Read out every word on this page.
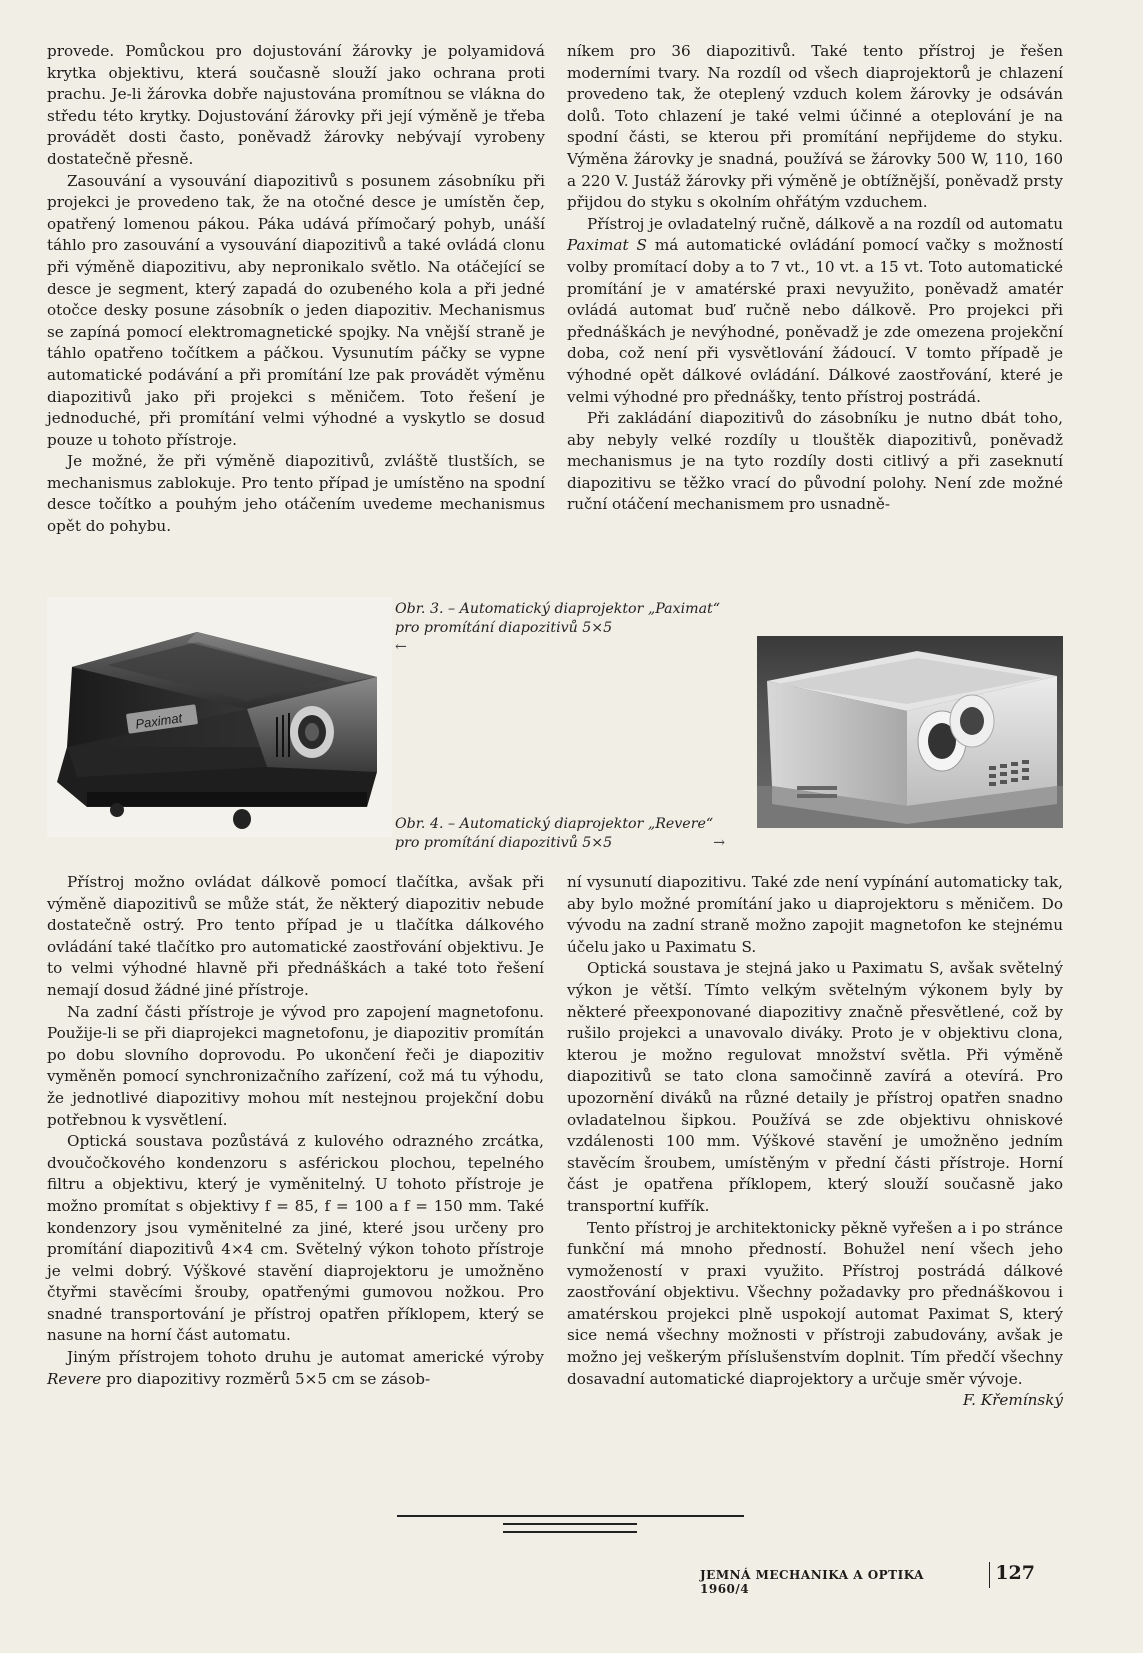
provede. Pomůckou pro dojustování žárovky je polyamidová krytka objektivu, která současně slouží jako ochrana proti prachu. Je-li žárovka dobře najustována promítnou se vlákna do středu této krytky. Dojustování žárovky při její výměně je třeba provádět dosti často, poněvadž žárovky nebývají vyrobeny dostatečně přesně.

Zasouvání a vysouvání diapozitivů s posunem zásobníku při projekci je provedeno tak, že na otočné desce je umístěn čep, opatřený lomenou pákou. Páka udává přímočarý pohyb, unáší táhlo pro zasouvání a vysouvání diapozitivů a také ovládá clonu při výměně diapozitivu, aby nepronikalo světlo. Na otáčející se desce je segment, který zapadá do ozubeného kola a při jedné otočce desky posune zásobník o jeden diapozitiv. Mechanismus se zapíná pomocí elektromagnetické spojky. Na vnější straně je táhlo opatřeno točítkem a páčkou. Vysunutím páčky se vypne automatické podávání a při promítání lze pak provádět výměnu diapozitivů jako při projekci s měničem. Toto řešení je jednoduché, při promítání velmi výhodné a vyskytlo se dosud pouze u tohoto přístroje.

Je možné, že při výměně diapozitivů, zvláště tlustších, se mechanismus zablokuje. Pro tento případ je umístěno na spodní desce točítko a pouhým jeho otáčením uvedeme mechanismus opět do pohybu.

níkem pro 36 diapozitivů. Také tento přístroj je řešen moderními tvary. Na rozdíl od všech diaprojektorů je chlazení provedeno tak, že oteplený vzduch kolem žárovky je odsáván dolů. Toto chlazení je také velmi účinné a oteplování je na spodní části, se kterou při promítání nepřijdeme do styku. Výměna žárovky je snadná, používá se žárovky 500 W, 110, 160 a 220 V. Justáž žárovky při výměně je obtížnější, poněvadž prsty přijdou do styku s okolním ohřátým vzduchem.

Přístroj je ovladatelný ručně, dálkově a na rozdíl od automatu Paximat S má automatické ovládání pomocí vačky s možností volby promítací doby a to 7 vt., 10 vt. a 15 vt. Toto automatické promítání je v amatérské praxi nevyužito, poněvadž amatér ovládá automat buď ručně nebo dálkově. Pro projekci při přednáškách je nevýhodné, poněvadž je zde omezena projekční doba, což není při vysvětlování žádoucí. V tomto případě je výhodné opět dálkové ovládání. Dálkové zaostřování, které je velmi výhodné pro přednášky, tento přístroj postrádá.

Při zakládání diapozitivů do zásobníku je nutno dbát toho, aby nebyly velké rozdíly u tlouštěk diapozitivů, poněvadž mechanismus je na tyto rozdíly dosti citlivý a při zaseknutí diapozitivu se těžko vrací do původní polohy. Není zde možné ruční otáčení mechanismem pro usnadně-

Paximat
Obr. 3. – Automatický diaprojektor „Paximat“ pro promítání diapozitivů 5×5
←
Obr. 4. – Automatický diaprojektor „Revere“ pro promítání diapozitivů 5×5	→

Přístroj možno ovládat dálkově pomocí tlačítka, avšak při výměně diapozitivů se může stát, že některý diapozitiv nebude dostatečně ostrý. Pro tento případ je u tlačítka dálkového ovládání také tlačítko pro automatické zaostřování objektivu. Je to velmi výhodné hlavně při přednáškách a také toto řešení nemají dosud žádné jiné přístroje.

Na zadní části přístroje je vývod pro zapojení magnetofonu. Použije-li se při diaprojekci magnetofonu, je diapozitiv promítán po dobu slovního doprovodu. Po ukončení řeči je diapozitiv vyměněn pomocí synchronizačního zařízení, což má tu výhodu, že jednotlivé diapozitivy mohou mít nestejnou projekční dobu potřebnou k vysvětlení.

Optická soustava pozůstává z kulového odrazného zrcátka, dvoučočkového kondenzoru s asférickou plochou, tepelného filtru a objektivu, který je vyměnitelný. U tohoto přístroje je možno promítat s objektivy f = 85, f = 100 a f = 150 mm. Také kondenzory jsou vyměnitelné za jiné, které jsou určeny pro promítání diapozitivů 4×4 cm. Světelný výkon tohoto přístroje je velmi dobrý. Výškové stavění diaprojektoru je umožněno čtyřmi stavěcími šrouby, opatřenými gumovou nožkou. Pro snadné transportování je přístroj opatřen příklopem, který se nasune na horní část automatu.

Jiným přístrojem tohoto druhu je automat americké výroby Revere pro diapozitivy rozměrů 5×5 cm se zásob-

ní vysunutí diapozitivu. Také zde není vypínání automaticky tak, aby bylo možné promítání jako u diaprojektoru s měničem. Do vývodu na zadní straně možno zapojit magnetofon ke stejnému účelu jako u Paximatu S.

Optická soustava je stejná jako u Paximatu S, avšak světelný výkon je větší. Tímto velkým světelným výkonem byly by některé přeexponované diapozitivy značně přesvětlené, což by rušilo projekci a unavovalo diváky. Proto je v objektivu clona, kterou je možno regulovat množství světla. Při výměně diapozitivů se tato clona samočinně zavírá a otevírá. Pro upozornění diváků na různé detaily je přístroj opatřen snadno ovladatelnou šipkou. Používá se zde objektivu ohniskové vzdálenosti 100 mm. Výškové stavění je umožněno jedním stavěcím šroubem, umístěným v přední části přístroje. Horní část je opatřena příklopem, který slouží současně jako transportní kufřík.

Tento přístroj je architektonicky pěkně vyřešen a i po stránce funkční má mnoho předností. Bohužel není všech jeho vymožeností v praxi využito. Přístroj postrádá dálkové zaostřování objektivu. Všechny požadavky pro přednáškovou i amatérskou projekci plně uspokojí automat Paximat S, který sice nemá všechny možnosti v přístroji zabudovány, avšak je možno jej veškerým příslušenstvím doplnit. Tím předčí všechny dosavadní automatické diaprojektory a určuje směr vývoje.
F. Křemínský

JEMNÁ MECHANIKA A OPTIKA 1960/4
127
